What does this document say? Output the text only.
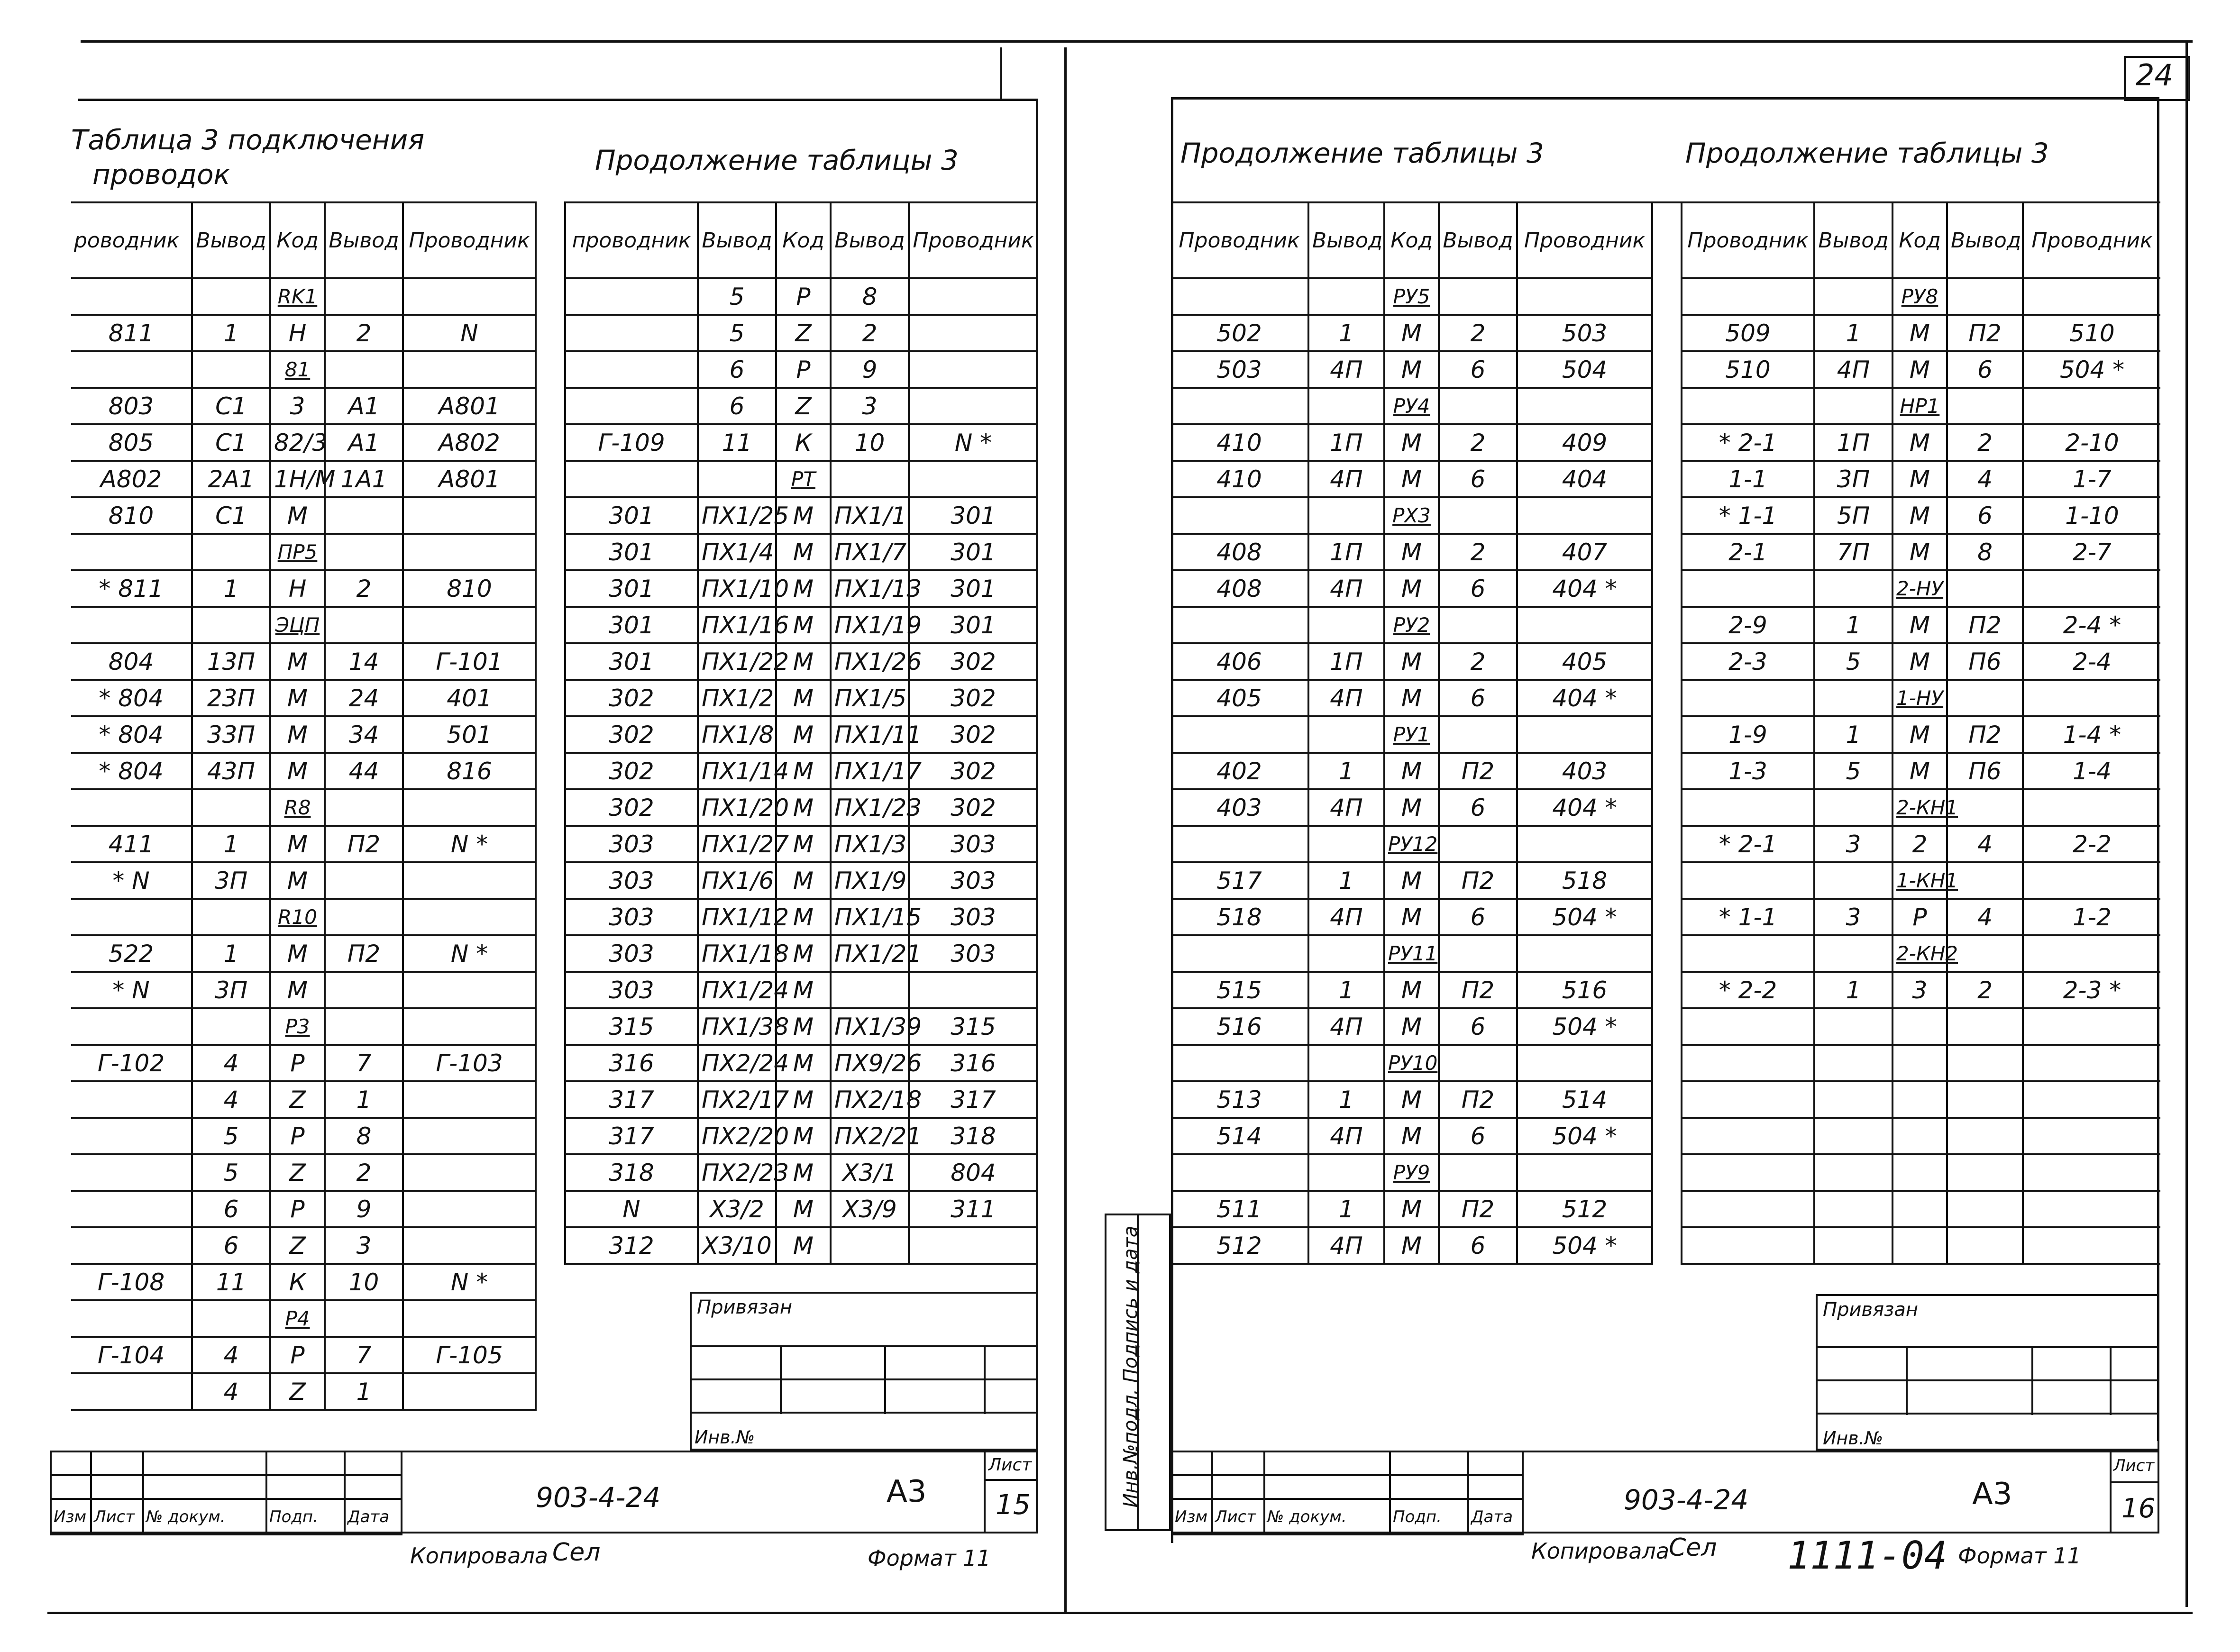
24
Таблица 3 подключения
проводок	Продолжение таблицы 3
роводник	Вывод	Код	Вывод	Проводник
		RK1		
811	1	Н	2	N
		81		
803	С1	3	А1	А801
805	С1	82/3	А1	А802
А802	2А1	1Н/М	1А1	А801
810	С1	М		
		ПР5		
* 811	1	Н	2	810
		ЭЦП		
804	13П	М	14	Г-101
* 804	23П	М	24	401
* 804	33П	М	34	501
* 804	43П	М	44	816
		R8		
411	1	М	П2	N *
* N	3П	М		
		R10		
522	1	М	П2	N *
* N	3П	М		
		Р3		
Г-102	4	Р	7	Г-103
	4	Z	1	
	5	Р	8	
	5	Z	2	
	6	Р	9	
	6	Z	3	
Г-108	11	К	10	N *
		Р4		
Г-104	4	Р	7	Г-105
	4	Z	1	
проводник	Вывод	Код	Вывод	Проводник
	5	Р	8	
	5	Z	2	
	6	Р	9	
	6	Z	3	
Г-109	11	К	10	N *
		РТ		
301	ПХ1/25	М	ПХ1/1	301
301	ПХ1/4	М	ПХ1/7	301
301	ПХ1/10	М	ПХ1/13	301
301	ПХ1/16	М	ПХ1/19	301
301	ПХ1/22	М	ПХ1/26	302
302	ПХ1/2	М	ПХ1/5	302
302	ПХ1/8	М	ПХ1/11	302
302	ПХ1/14	М	ПХ1/17	302
302	ПХ1/20	М	ПХ1/23	302
303	ПХ1/27	М	ПХ1/3	303
303	ПХ1/6	М	ПХ1/9	303
303	ПХ1/12	М	ПХ1/15	303
303	ПХ1/18	М	ПХ1/21	303
303	ПХ1/24	М		
315	ПХ1/38	М	ПХ1/39	315
316	ПХ2/24	М	ПХ9/26	316
317	ПХ2/17	М	ПХ2/18	317
317	ПХ2/20	М	ПХ2/21	318
318	ПХ2/23	М	Х3/1	804
N	Х3/2	М	Х3/9	311
312	Х3/10	М		
Привязан
Инв.№

Изм	Лист	№ докум.	Подп.	Дата
903-4-24	А3
Лист
15
Копировала Сел	Формат 11
Продолжение таблицы 3	Продолжение таблицы 3
Проводник	Вывод	Код	Вывод	Проводник
		РУ5		
502	1	М	2	503
503	4П	М	6	504
		РУ4		
410	1П	М	2	409
410	4П	М	6	404
		РХ3		
408	1П	М	2	407
408	4П	М	6	404 *
		РУ2		
406	1П	М	2	405
405	4П	М	6	404 *
		РУ1		
402	1	М	П2	403
403	4П	М	6	404 *
		РУ12		
517	1	М	П2	518
518	4П	М	6	504 *
		РУ11		
515	1	М	П2	516
516	4П	М	6	504 *
		РУ10		
513	1	М	П2	514
514	4П	М	6	504 *
		РУ9		
511	1	М	П2	512
512	4П	М	6	504 *
Проводник	Вывод	Код	Вывод	Проводник
		РУ8		
509	1	М	П2	510
510	4П	М	6	504 *
		НР1		
* 2-1	1П	М	2	2-10
1-1	3П	М	4	1-7
* 1-1	5П	М	6	1-10
2-1	7П	М	8	2-7
		2-НУ		
2-9	1	М	П2	2-4 *
2-3	5	М	П6	2-4
		1-НУ		
1-9	1	М	П2	1-4 *
1-3	5	М	П6	1-4
		2-КН1		
* 2-1	3	2	4	2-2
		1-КН1		
* 1-1	3	Р	4	1-2
		2-КН2		
* 2-2	1	3	2	2-3 *

Инв.№подл. Подпись и дата	Привязан
Инв.№

Изм	Лист	№ докум.	Подп.	Дата
903-4-24	А3
Лист
16
Копировала
Сел 1111-04 Формат 11
